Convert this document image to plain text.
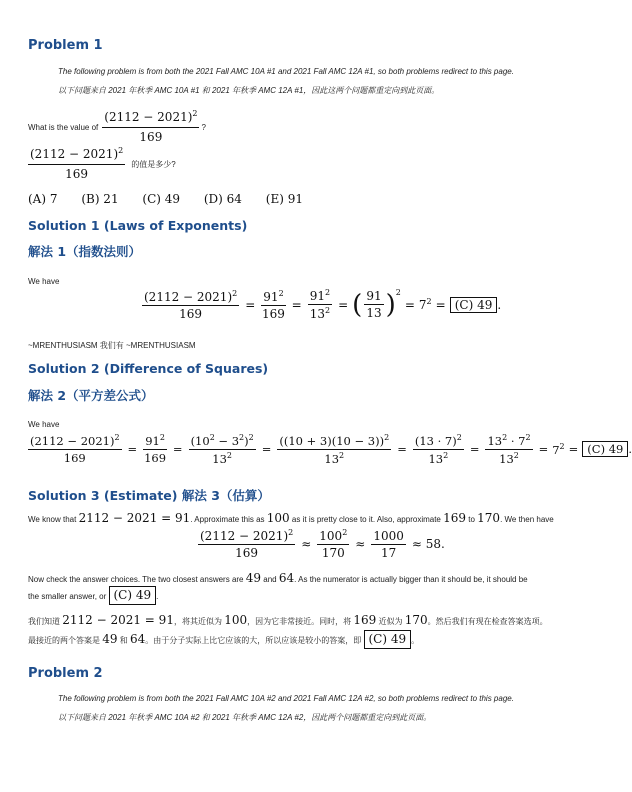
Problem 1
The following problem is from both the 2021 Fall AMC 10A #1 and 2021 Fall AMC 12A #1, so both problems redirect to this page.
以下问题来自 2021 年秋季 AMC 10A #1 和 2021 年秋季 AMC 12A #1，因此这两个问题都重定向到此页面。
What is the value of $\frac{(2112 - 2021)^2}{169}$ ?
$\frac{(2112 - 2021)^2}{169}$ 的值是多少?
(A) 7 (B) 21 (C) 49 (D) 64 (E) 91
Solution 1 (Laws of Exponents)
解法 1（指数法则）
We have
$\frac{(2112 - 2021)^2}{169} = \frac{91^2}{169} = \frac{91^2}{13^2}$ = ( $\frac{91}{13} )^2$
= $7^2 = (C)$ 49 .
~MRENTHUSIASM 我们有 ~MRENTHUSIASM
Solution 2 (Difference of Squares)
解法 2（平方差公式）
We have
$\frac{(2112 - 2021)^2}{169} = \frac{91^2}{169} = \frac{(10^2 - 3^2)^2}{13^2} = \frac{((10 + 3)(10 - 3))^2}{13^2} = \frac{(13 \cdot 7)^2}{13^2} = \frac{13^2 \cdot 7^2}{13^2} = 7^2 = (C)$ 49 .
Solution 3 (Estimate) 解法 3（估算）
We know that 2112 − 2021 = 91. Approximate this as 100 as it is pretty close to it. Also, approximate 169 to 170. We then have
$\frac{(2112 - 2021)^2}{169} \approx \frac{100^2}{170} \approx \frac{1000}{17} \approx 58$.
Now check the answer choices. The two closest answers are 49 and 64. As the numerator is actually bigger than it should be, it should be
the smaller answer, or (C) 49 .
我们知道 2112 − 2021 = 91，将其近似为 100，因为它非常接近。同时，将 169 近似为 170。然后我们有现在检查答案选项。
最接近的两个答案是 49 和 64。由于分子实际上比它应该的大，所以应该是较小的答案，即 (C) 49 。
Problem 2
The following problem is from both the 2021 Fall AMC 10A #2 and 2021 Fall AMC 12A #2, so both problems redirect to this page.
以下问题来自 2021 年秋季 AMC 10A #2 和 2021 年秋季 AMC 12A #2，因此两个问题都重定向到此页面。
